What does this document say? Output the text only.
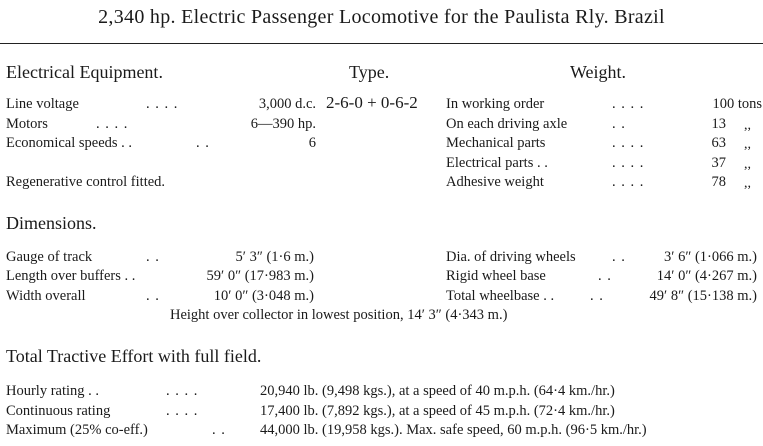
2,340 hp. Electric Passenger Locomotive for the Paulista Rly. Brazil
Electrical Equipment.	Type.	Weight.
2-6-0 + 0-6-2
Line voltage	. . . .	3,000 d.c.
Motors	. . . .	6—390 hp.
Economical speeds . .	. .	6
Regenerative control fitted.
In working order	. . . .	100 tons
On each driving axle	. .	13 ,,
Mechanical parts	. . . .	63 ,,
Electrical parts . .	. . . .	37 ,,
Adhesive weight	. . . .	78 ,,
Dimensions.
Gauge of track	. .	5′ 3″ (1·6 m.)
Length over buffers . .	59′ 0″ (17·983 m.)
Width overall	. .	10′ 0″ (3·048 m.)
Dia. of driving wheels	. .	3′ 6″ (1·066 m.)
Rigid wheel base	. .	14′ 0″ (4·267 m.)
Total wheelbase . . . .	49′ 8″ (15·138 m.)
Height over collector in lowest position, 14′ 3″ (4·343 m.)
Total Tractive Effort with full field.
Hourly rating . .	. . . .	20,940 lb. (9,498 kgs.), at a speed of 40 m.p.h. (64·4 km./hr.)
Continuous rating	. . . .	17,400 lb. (7,892 kgs.), at a speed of 45 m.p.h. (72·4 km./hr.)
Maximum (25% co-eff.)	. . 44,000 lb. (19,958 kgs.). Max. safe speed, 60 m.p.h. (96·5 km./hr.)
